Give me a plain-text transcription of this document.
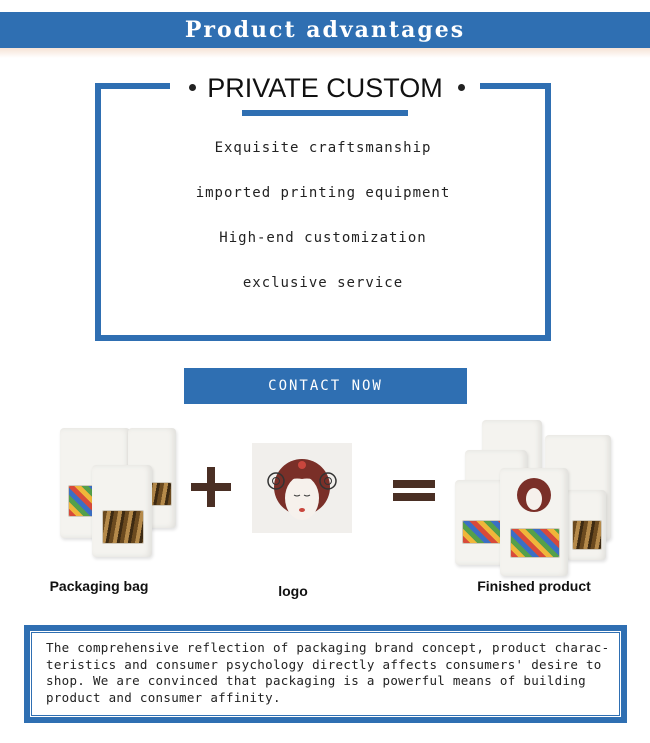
Product advantages
PRIVATE CUSTOM
Exquisite craftsmanship
imported printing equipment
High-end customization
exclusive service
CONTACT NOW
Packaging bag	logo	Finished product
The comprehensive reflection of packaging brand concept, product charac-
teristics and consumer psychology directly affects consumers' desire to
shop. We are convinced that packaging is a powerful means of building
product and consumer affinity.
